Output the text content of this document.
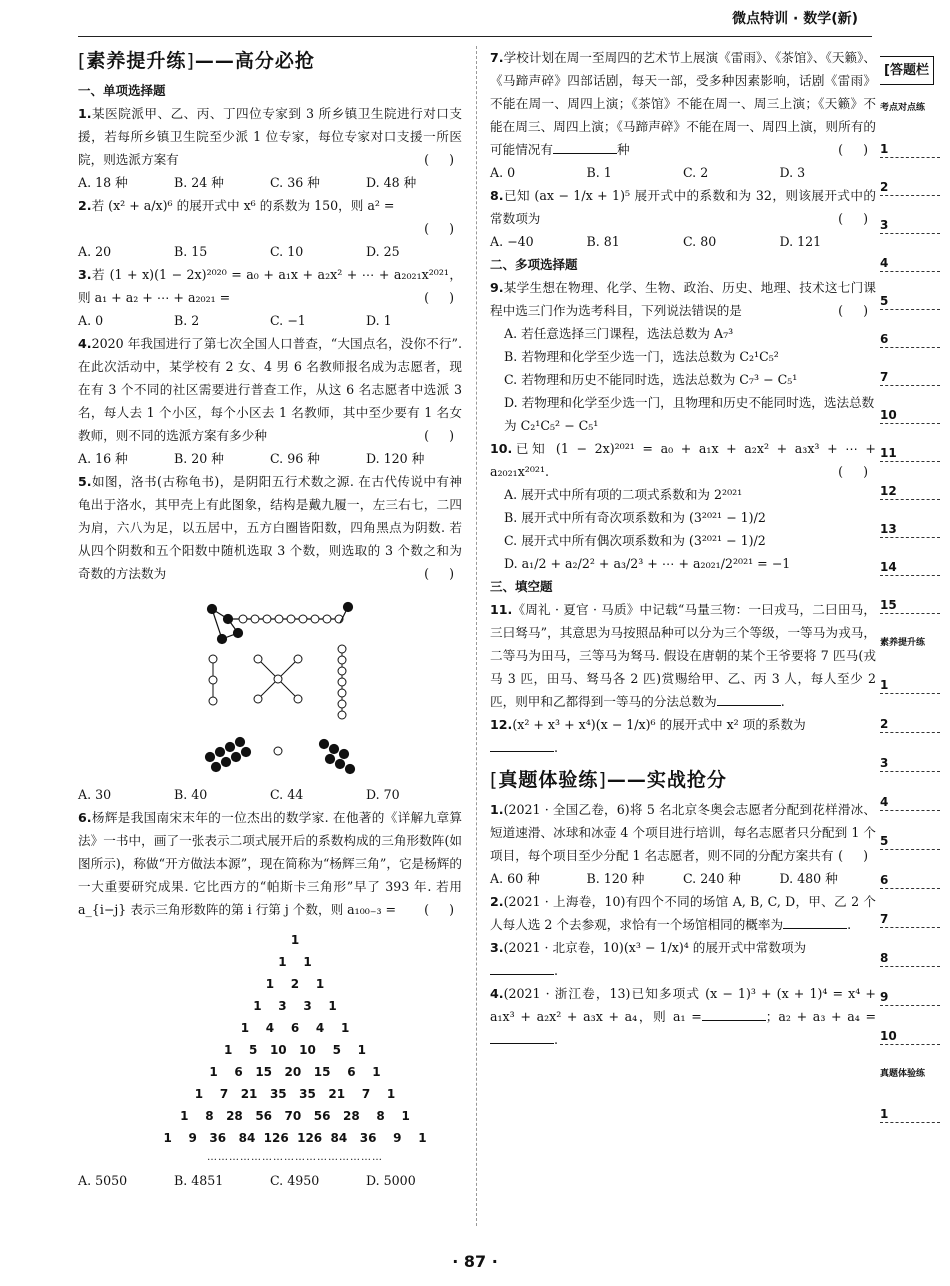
微点特训 · 数学(新)
[素养提升练]——高分必抢

一、单项选择题

1.某医院派甲、乙、丙、丁四位专家到 3 所乡镇卫生院进行对口支援，若每所乡镇卫生院至少派 1 位专家，每位专家对口支援一所医院，则选派方案有	( )

A. 18 种	B. 24 种	C. 36 种	D. 48 种

2.若 (x² + a/x)⁶ 的展开式中 x⁶ 的系数为 150，则 a² =

( )

A. 20	B. 15	C. 10	D. 25

3.若 (1 + x)(1 − 2x)²⁰²⁰ = a₀ + a₁x + a₂x² + ⋯ + a₂₀₂₁x²⁰²¹，则 a₁ + a₂ + ⋯ + a₂₀₂₁ =	( )

A. 0	B. 2	C. −1	D. 1

4.2020 年我国进行了第七次全国人口普查，“大国点名，没你不行”. 在此次活动中，某学校有 2 女、4 男 6 名教师报名成为志愿者，现在有 3 个不同的社区需要进行普查工作，从这 6 名志愿者中选派 3 名，每人去 1 个小区，每个小区去 1 名教师，其中至少要有 1 名女教师，则不同的选派方案有多少种	( )

A. 16 种	B. 20 种	C. 96 种	D. 120 种

5.如图，洛书(古称龟书)，是阴阳五行术数之源. 在古代传说中有神龟出于洛水，其甲壳上有此图象，结构是戴九履一，左三右七，二四为肩，六八为足，以五居中，五方白圈皆阳数，四角黑点为阴数. 若从四个阴数和五个阳数中随机选取 3 个数，则选取的 3 个数之和为奇数的方法数为	( )

A. 30	B. 40	C. 44	D. 70

6.杨辉是我国南宋末年的一位杰出的数学家. 在他著的《详解九章算法》一书中，画了一张表示二项式展开后的系数构成的三角形数阵(如图所示)，称做“开方做法本源”，现在简称为“杨辉三角”，它是杨辉的一大重要研究成果. 它比西方的“帕斯卡三角形”早了 393 年. 若用 a_{i−j} 表示三角形数阵的第 i 行第 j 个数，则 a₁₀₀₋₃ = ( )

1
1    1
1    2    1
1    3    3    1
1    4    6    4    1
1    5   10   10    5    1
1    6   15   20   15    6    1
1    7   21   35   35   21    7    1
1    8   28   56   70   56   28    8    1
1    9   36   84  126  126  84   36    9    1
…………………………………………
A. 5050	B. 4851	C. 4950	D. 5000

7.学校计划在周一至周四的艺术节上展演《雷雨》、《茶馆》、《天籁》、《马蹄声碎》四部话剧，每天一部，受多种因素影响，话剧《雷雨》不能在周一、周四上演；《茶馆》不能在周一、周三上演；《天籁》不能在周三、周四上演；《马蹄声碎》不能在周一、周四上演，则所有的可能情况有	种	( )

A. 0	B. 1	C. 2	D. 3

8.已知 (ax − 1/x + 1)⁵ 展开式中的系数和为 32，则该展开式中的常数项为	( )

A. −40	B. 81	C. 80	D. 121

二、多项选择题

9.某学生想在物理、化学、生物、政治、历史、地理、技术这七门课程中选三门作为选考科目，下列说法错误的是	( )

A. 若任意选择三门课程，选法总数为 A₇³

B. 若物理和化学至少选一门，选法总数为 C₂¹C₅²

C. 若物理和历史不能同时选，选法总数为 C₇³ − C₅¹

D. 若物理和化学至少选一门，且物理和历史不能同时选，选法总数为 C₂¹C₅² − C₅¹

10.已知 (1 − 2x)²⁰²¹ = a₀ + a₁x + a₂x² + a₃x³ + ⋯ + a₂₀₂₁x²⁰²¹.	( )

A. 展开式中所有项的二项式系数和为 2²⁰²¹

B. 展开式中所有奇次项系数和为 (3²⁰²¹ − 1)/2

C. 展开式中所有偶次项系数和为 (3²⁰²¹ − 1)/2

D. a₁/2 + a₂/2² + a₃/2³ + ⋯ + a₂₀₂₁/2²⁰²¹ = −1

三、填空题

11.《周礼 · 夏官 · 马质》中记载“马量三物：一曰戎马，二曰田马，三曰驽马”，其意思为马按照品种可以分为三个等级，一等马为戎马，二等马为田马，三等马为驽马. 假设在唐朝的某个王爷要将 7 匹马(戎马 3 匹，田马、驽马各 2 匹)赏赐给甲、乙、丙 3 人，每人至少 2 匹，则甲和乙都得到一等马的分法总数为	.

12.(x² + x³ + x⁴)(x − 1/x)⁶ 的展开式中 x² 项的系数为

.

[真题体验练]——实战抢分

1.(2021 · 全国乙卷，6)将 5 名北京冬奥会志愿者分配到花样滑冰、短道速滑、冰球和冰壶 4 个项目进行培训，每名志愿者只分配到 1 个项目，每个项目至少分配 1 名志愿者，则不同的分配方案共有 ( )

A. 60 种	B. 120 种	C. 240 种	D. 480 种

2.(2021 · 上海卷，10)有四个不同的场馆 A, B, C, D，甲、乙 2 个人每人选 2 个去参观，求恰有一个场馆相同的概率为	.

3.(2021 · 北京卷，10)(x³ − 1/x)⁴ 的展开式中常数项为

.

4.(2021 · 浙江卷，13)已知多项式 (x − 1)³ + (x + 1)⁴ = x⁴ + a₁x³ + a₂x² + a₃x + a₄，则 a₁ =	；a₂ + a₃ + a₄ =.

[答题栏
考点对点练
1
2
3
4
5
6
7
10
11
12
13
14
15
素养提升练
1
2
3
4
5
6
7
8
9
10
真题体验练
1
· 87 ·
